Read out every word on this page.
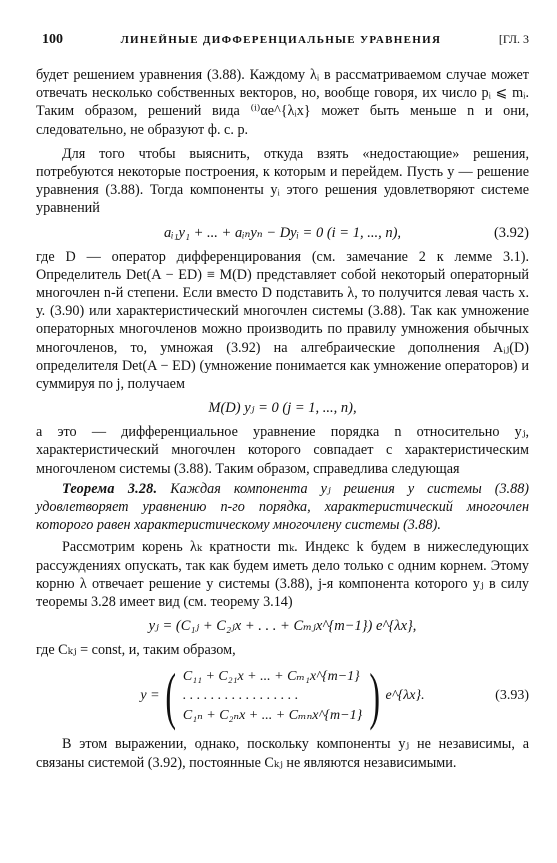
100	ЛИНЕЙНЫЕ ДИФФЕРЕНЦИАЛЬНЫЕ УРАВНЕНИЯ	[ГЛ. 3

будет решением уравнения (3.88). Каждому λᵢ в рассматриваемом случае может отвечать несколько собственных векторов, но, вообще говоря, их число pᵢ ⩽ mᵢ. Таким образом, решений вида ⁽ⁱ⁾αe^{λᵢx} может быть меньше n и они, следовательно, не образуют ф. с. р.

Для того чтобы выяснить, откуда взять «недостающие» решения, потребуются некоторые построения, к которым и перейдем. Пусть y — решение уравнения (3.88). Тогда компоненты yᵢ этого решения удовлетворяют системе уравнений

aᵢ₁y₁ + ... + aᵢₙyₙ − Dyᵢ = 0 (i = 1, ..., n),	(3.92)

где D — оператор дифференцирования (см. замечание 2 к лемме 3.1). Определитель Det(A − ED) ≡ M(D) представляет собой некоторый операторный многочлен n-й степени. Если вместо D подставить λ, то получится левая часть х. у. (3.90) или характеристический многочлен системы (3.88). Так как умножение операторных многочленов можно производить по правилу умножения обычных многочленов, то, умножая (3.92) на алгебраические дополнения Aᵢⱼ(D) определителя Det(A − ED) (умножение понимается как умножение операторов) и суммируя по j, получаем

M(D) yⱼ = 0 (j = 1, ..., n),

а это — дифференциальное уравнение порядка n относительно yⱼ, характеристический многочлен которого совпадает с характеристическим многочленом системы (3.88). Таким образом, справедлива следующая

Теорема 3.28. Каждая компонента yⱼ решения y системы (3.88) удовлетворяет уравнению n-го порядка, характеристический многочлен которого равен характеристическому многочлену системы (3.88).

Рассмотрим корень λₖ кратности mₖ. Индекс k будем в нижеследующих рассуждениях опускать, так как будем иметь дело только с одним корнем. Этому корню λ отвечает решение y системы (3.88), j-я компонента которого yⱼ в силу теоремы 3.28 имеет вид (см. теорему 3.14)

yⱼ = (C₁ⱼ + C₂ⱼx + . . . + Cₘⱼx^{m−1}) e^{λx},

где Cₖⱼ = const, и, таким образом,

y = ( C₁₁ + C₂₁x + ... + Cₘ₁x^{m−1}
. . . . . . . . . . . . . . . . .
C₁ₙ + C₂ₙx + ... + Cₘₙx^{m−1} ) e^{λx}.	(3.93)

В этом выражении, однако, поскольку компоненты yⱼ не независимы, а связаны системой (3.92), постоянные Cₖⱼ не являются независимыми.
